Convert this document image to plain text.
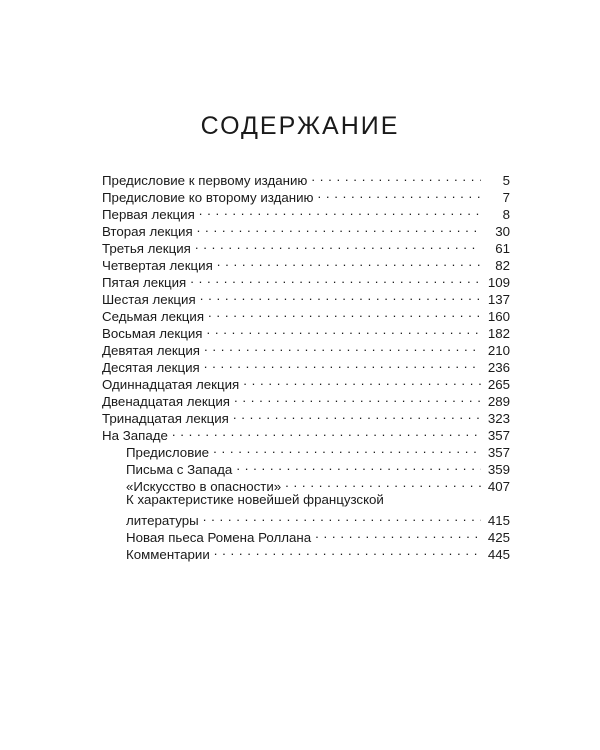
СОДЕРЖАНИЕ
Предисловие к первому изданию . . .	5
Предисловие ко второму изданию . . .	7
Первая лекция . . .	8
Вторая лекция . . .	30
Третья лекция . . .	61
Четвертая лекция . . .	82
Пятая лекция . . .	109
Шестая лекция . . .	137
Седьмая лекция . . .	160
Восьмая лекция . . .	182
Девятая лекция . . .	210
Десятая лекция . . .	236
Одиннадцатая лекция . . .	265
Двенадцатая лекция . . .	289
Тринадцатая лекция . . .	323
На Западе . . .	357
Предисловие . . .	357
Письма с Запада . . .	359
«Искусство в опасности» . . .	407
К характеристике новейшей французской
литературы . . .	415
Новая пьеса Ромена Роллана . . .	425
Комментарии . . .	445
